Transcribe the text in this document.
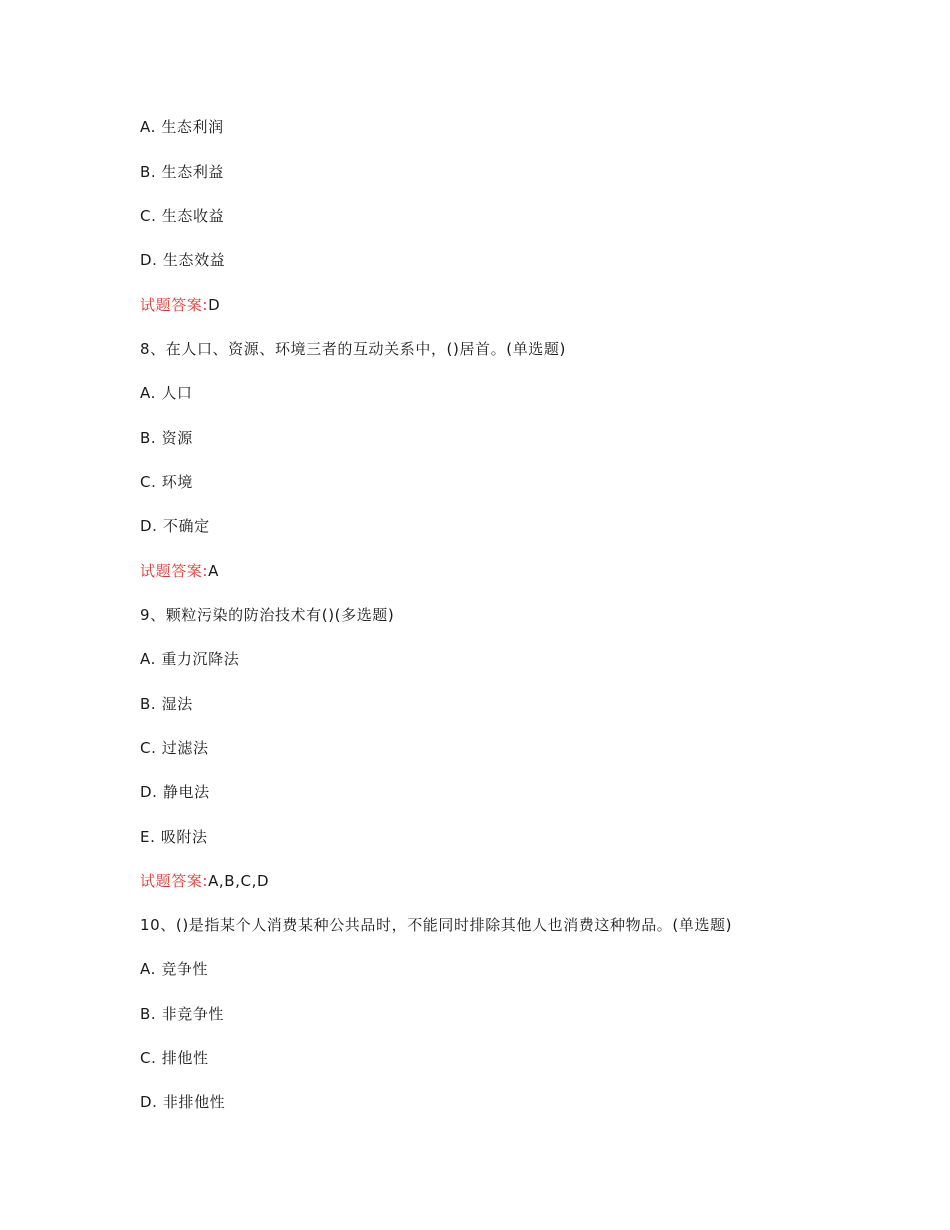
A. 生态利润
B. 生态利益
C. 生态收益
D. 生态效益
试题答案:D
8、在人口、资源、环境三者的互动关系中，()居首。(单选题)
A. 人口
B. 资源
C. 环境
D. 不确定
试题答案:A
9、颗粒污染的防治技术有()(多选题)
A. 重力沉降法
B. 湿法
C. 过滤法
D. 静电法
E. 吸附法
试题答案:A,B,C,D
10、()是指某个人消费某种公共品时，不能同时排除其他人也消费这种物品。(单选题)
A. 竞争性
B. 非竞争性
C. 排他性
D. 非排他性
